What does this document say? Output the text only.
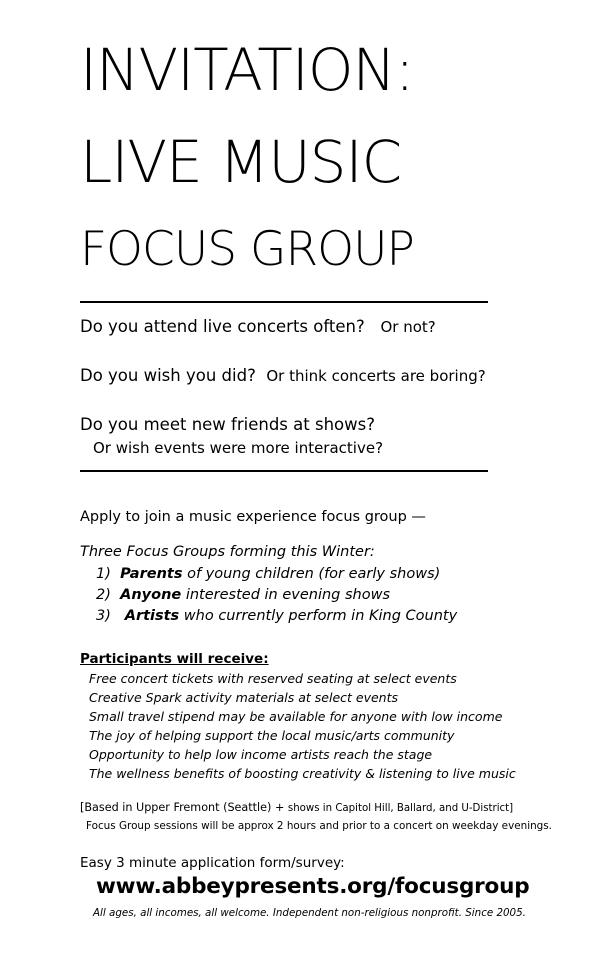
INVITATION:
LIVE MUSIC
FOCUS GROUP
Do you attend live concerts often? Or not?
Do you wish you did? Or think concerts are boring?
Do you meet new friends at shows?
Or wish events were more interactive?
Apply to join a music experience focus group —
Three Focus Groups forming this Winter:
1) Parents of young children (for early shows)
2) Anyone interested in evening shows
3) Artists who currently perform in King County
Participants will receive:
Free concert tickets with reserved seating at select events
Creative Spark activity materials at select events
Small travel stipend may be available for anyone with low income
The joy of helping support the local music/arts community
Opportunity to help low income artists reach the stage
The wellness benefits of boosting creativity & listening to live music
[Based in Upper Fremont (Seattle) + shows in Capitol Hill, Ballard, and U-District]
Focus Group sessions will be approx 2 hours and prior to a concert on weekday evenings.
Easy 3 minute application form/survey:
www.abbeypresents.org/focusgroup
All ages, all incomes, all welcome. Independent non-religious nonprofit. Since 2005.
